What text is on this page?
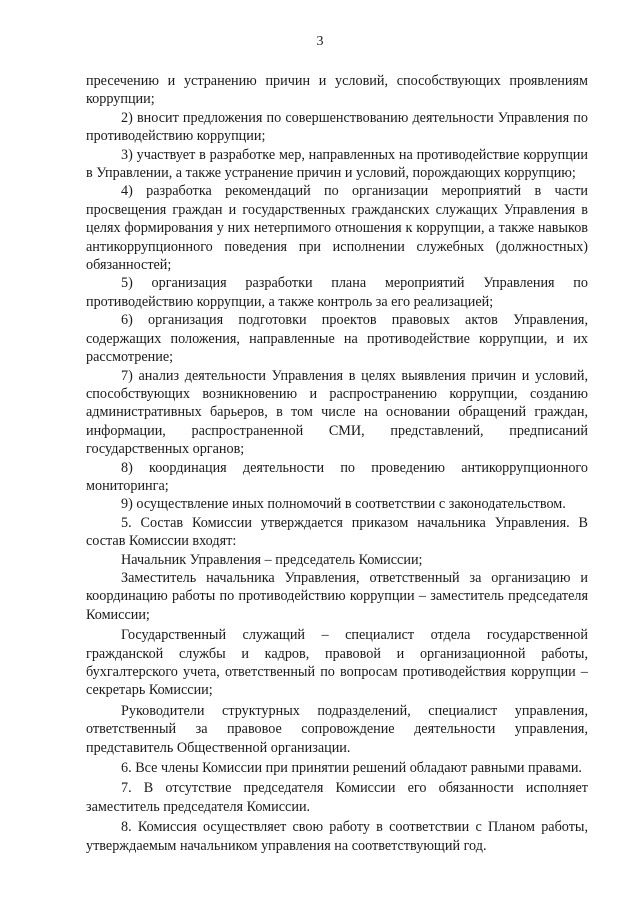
3

пресечению и устранению причин и условий, способствующих проявлениям коррупции;

2) вносит предложения по совершенствованию деятельности Управления по противодействию коррупции;

3) участвует в разработке мер, направленных на противодействие коррупции в Управлении, а также устранение причин и условий, порождающих коррупцию;

4) разработка рекомендаций по организации мероприятий в части просвещения граждан и государственных гражданских служащих Управления в целях формирования у них нетерпимого отношения к коррупции, а также навыков антикоррупционного поведения при исполнении служебных (должностных) обязанностей;

5) организация разработки плана мероприятий Управления по противодействию коррупции, а также контроль за его реализацией;

6) организация подготовки проектов правовых актов Управления, содержащих положения, направленные на противодействие коррупции, и их рассмотрение;

7) анализ деятельности Управления в целях выявления причин и условий, способствующих возникновению и распространению коррупции, созданию административных барьеров, в том числе на основании обращений граждан, информации, распространенной СМИ, представлений, предписаний государственных органов;

8) координация деятельности по проведению антикоррупционного мониторинга;

9) осуществление иных полномочий в соответствии с законодательством.

5. Состав Комиссии утверждается приказом начальника Управления. В состав Комиссии входят:

Начальник Управления – председатель Комиссии;

Заместитель начальника Управления, ответственный за организацию и координацию работы по противодействию коррупции – заместитель председателя Комиссии;

Государственный служащий – специалист отдела государственной гражданской службы и кадров, правовой и организационной работы, бухгалтерского учета, ответственный по вопросам противодействия коррупции – секретарь Комиссии;

Руководители структурных подразделений, специалист управления, ответственный за правовое сопровождение деятельности управления, представитель Общественной организации.

6. Все члены Комиссии при принятии решений обладают равными правами.

7. В отсутствие председателя Комиссии его обязанности исполняет заместитель председателя Комиссии.

8. Комиссия осуществляет свою работу в соответствии с Планом работы, утверждаемым начальником управления на соответствующий год.
